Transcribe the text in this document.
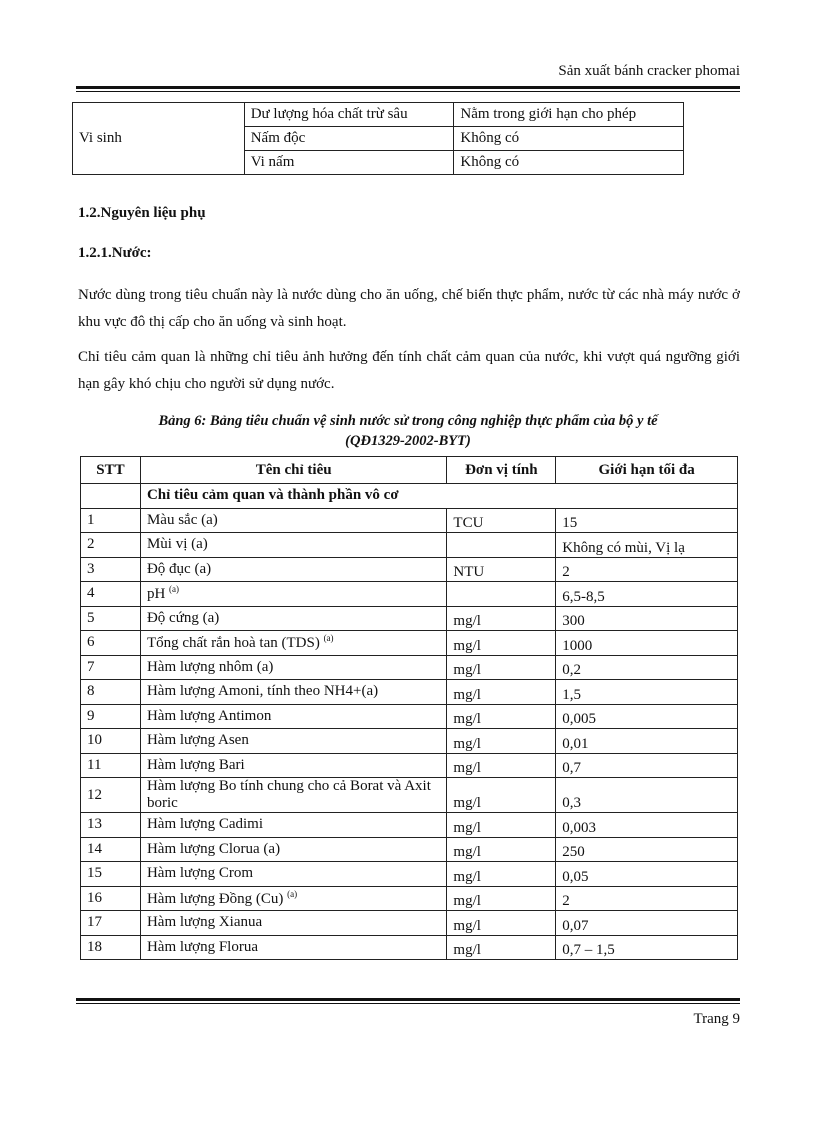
Sản xuất bánh cracker phomai
	Dư lượng hóa chất trừ sâu	Nằm trong giới hạn cho phép
Vi sinh	Nấm độc	Không có
	Vi nấm	Không có
1.2.Nguyên liệu phụ
1.2.1.Nước:
Nước dùng trong tiêu chuẩn này là nước dùng cho ăn uống, chế biến thực phẩm, nước từ các nhà máy nước ở khu vực đô thị cấp cho ăn uống và sinh hoạt.
Chỉ tiêu cảm quan là những chỉ tiêu ảnh hưởng đến tính chất cảm quan của nước, khi vượt quá ngưỡng giới hạn gây khó chịu cho người sử dụng nước.
Bảng 6: Bảng tiêu chuẩn vệ sinh nước sử trong công nghiệp thực phẩm của bộ y tế
(QĐ1329-2002-BYT)
STT	Tên chỉ tiêu	Đơn vị tính	Giới hạn tối đa
	Chỉ tiêu cảm quan và thành phần vô cơ		
1	Màu sắc (a)	TCU	15
2	Mùi vị (a)		Không có mùi, Vị lạ
3	Độ đục (a)	NTU	2
4	pH $^{(a)}$		6,5-8,5
5	Độ cứng (a)	mg/l	300
6	Tổng chất rắn hoà tan (TDS) $^{(a)}$	mg/l	1000
7	Hàm lượng nhôm (a)	mg/l	0,2
8	Hàm lượng Amoni, tính theo NH4+(a)	mg/l	1,5
9	Hàm lượng Antimon	mg/l	0,005
10	Hàm lượng Asen	mg/l	0,01
11	Hàm lượng Bari	mg/l	0,7
12	Hàm lượng Bo tính chung cho cả Borat và Axit boric	mg/l	0,3
13	Hàm lượng Cadimi	mg/l	0,003
14	Hàm lượng Clorua (a)	mg/l	250
15	Hàm lượng Crom	mg/l	0,05
16	Hàm lượng Đồng (Cu) $^{(a)}$	mg/l	2
17	Hàm lượng Xianua	mg/l	0,07
18	Hàm lượng Florua	mg/l	0,7 – 1,5
Trang 9
